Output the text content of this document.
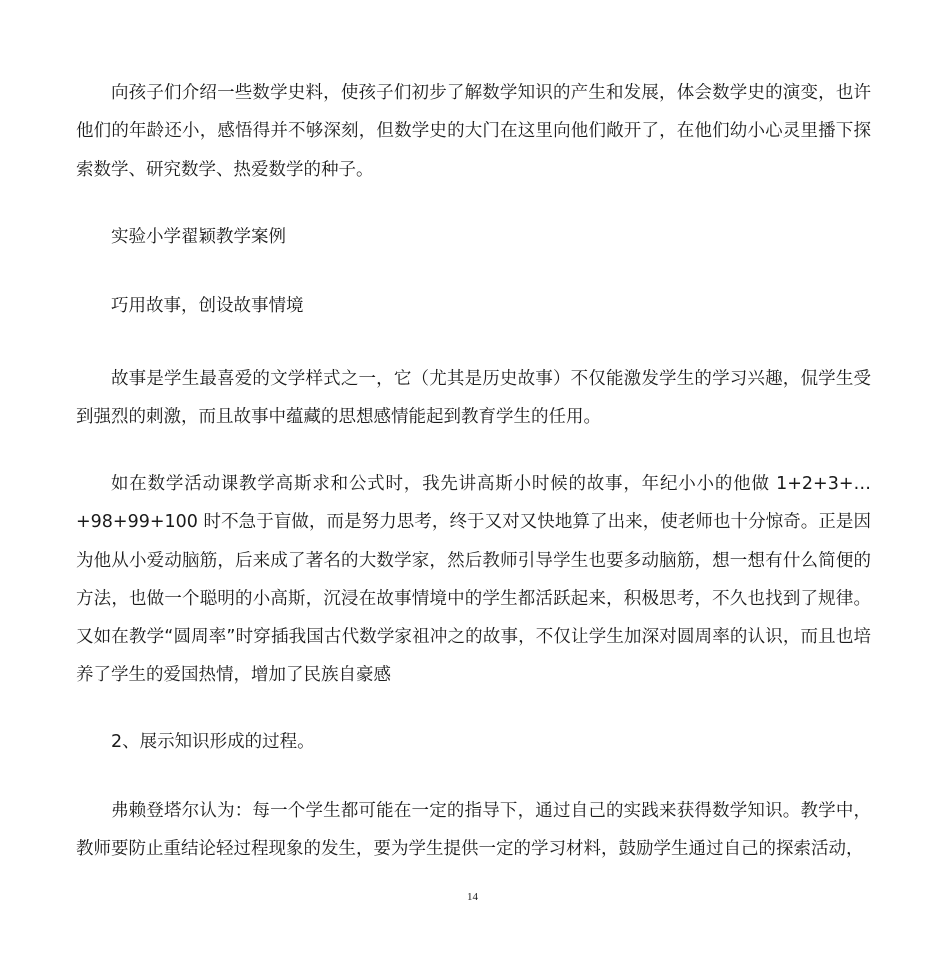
向孩子们介绍一些数学史料，使孩子们初步了解数学知识的产生和发展，体会数学史的演变，也许他们的年龄还小，感悟得并不够深刻，但数学史的大门在这里向他们敞开了，在他们幼小心灵里播下探索数学、研究数学、热爱数学的种子。

实验小学翟颖教学案例

巧用故事，创设故事情境

故事是学生最喜爱的文学样式之一，它（尤其是历史故事）不仅能激发学生的学习兴趣，侃学生受到强烈的刺激，而且故事中蕴藏的思想感情能起到教育学生的任用。

如在数学活动课教学高斯求和公式时，我先讲高斯小时候的故事，年纪小小的他做 1+2+3+…+98+99+100 时不急于盲做，而是努力思考，终于又对又快地算了出来，使老师也十分惊奇。正是因为他从小爱动脑筋，后来成了著名的大数学家，然后教师引导学生也要多动脑筋，想一想有什么简便的方法，也做一个聪明的小高斯，沉浸在故事情境中的学生都活跃起来，积极思考，不久也找到了规律。又如在教学“圆周率”时穿插我国古代数学家祖冲之的故事，不仅让学生加深对圆周率的认识，而且也培养了学生的爱国热情，增加了民族自豪感

2、展示知识形成的过程。

弗赖登塔尔认为：每一个学生都可能在一定的指导下，通过自己的实践来获得数学知识。教学中，教师要防止重结论轻过程现象的发生，要为学生提供一定的学习材料，鼓励学生通过自己的探索活动，

14
